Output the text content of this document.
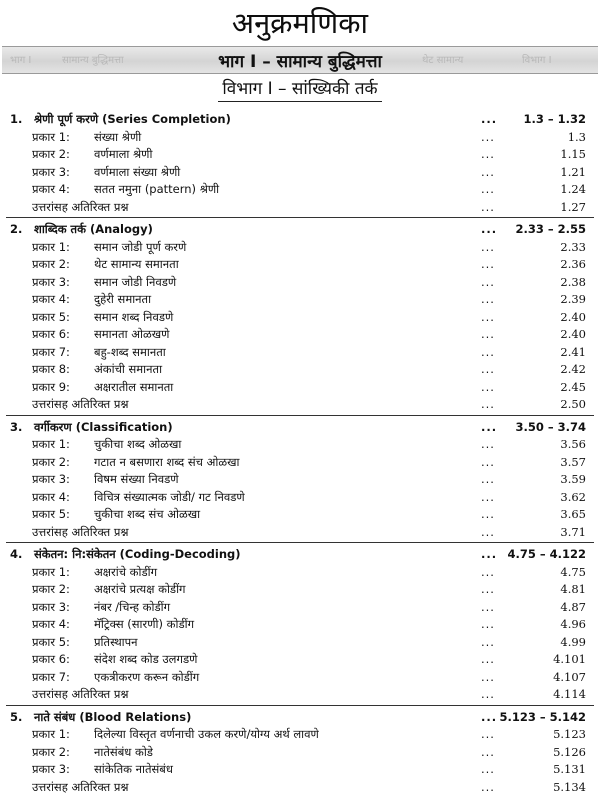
अनुक्रमणिका
भाग I	सामान्य बुद्धिमत्ता	थेट सामान्य	विभाग I
भाग I – सामान्य बुद्धिमत्ता
विभाग I – सांख्यिकी तर्क
1. श्रेणी पूर्ण करणे (Series Completion)	... 1.3 – 1.32
प्रकार 1: संख्या श्रेणी	...	1.3
प्रकार 2: वर्णमाला श्रेणी	...	1.15
प्रकार 3: वर्णमाला संख्या श्रेणी	...	1.21
प्रकार 4: सतत नमुना (pattern) श्रेणी	...	1.24
उत्तरांसह अतिरिक्त प्रश्न	...	1.27
2. शाब्दिक तर्क (Analogy)	... 2.33 – 2.55
प्रकार 1: समान जोडी पूर्ण करणे	...	2.33
प्रकार 2: थेट सामान्य समानता	...	2.36
प्रकार 3: समान जोडी निवडणे	...	2.38
प्रकार 4: दुहेरी समानता	...	2.39
प्रकार 5: समान शब्द निवडणे	...	2.40
प्रकार 6: समानता ओळखणे	...	2.40
प्रकार 7: बहु-शब्द समानता	...	2.41
प्रकार 8: अंकांची समानता	...	2.42
प्रकार 9: अक्षरातील समानता	...	2.45
उत्तरांसह अतिरिक्त प्रश्न	...	2.50
3. वर्गीकरण (Classification)	... 3.50 – 3.74
प्रकार 1: चुकीचा शब्द ओळखा	...	3.56
प्रकार 2: गटात न बसणारा शब्द संच ओळखा	...	3.57
प्रकार 3: विषम संख्या निवडणे	...	3.59
प्रकार 4: विचित्र संख्यात्मक जोडी/ गट निवडणे	...	3.62
प्रकार 5: चुकीचा शब्द संच ओळखा	...	3.65
उत्तरांसह अतिरिक्त प्रश्न	...	3.71
4. संकेतन: नि:संकेतन (Coding-Decoding)	... 4.75 – 4.122
प्रकार 1: अक्षरांचे कोडींग	...	4.75
प्रकार 2: अक्षरांचे प्रत्यक्ष कोडींग	...	4.81
प्रकार 3: नंबर /चिन्ह कोडींग	...	4.87
प्रकार 4: मॅट्रिक्स (सारणी) कोडींग	...	4.96
प्रकार 5: प्रतिस्थापन	...	4.99
प्रकार 6: संदेश शब्द कोड उलगडणे	...	4.101
प्रकार 7: एकत्रीकरण करून कोडींग	...	4.107
उत्तरांसह अतिरिक्त प्रश्न	...	4.114
5. नाते संबंध (Blood Relations)	... 5.123 – 5.142
प्रकार 1: दिलेल्या विस्तृत वर्णनाची उकल करणे/योग्य अर्थ लावणे	...	5.123
प्रकार 2: नातेसंबंध कोडे	...	5.126
प्रकार 3: सांकेतिक नातेसंबंध	...	5.131
उत्तरांसह अतिरिक्त प्रश्न	...	5.134
